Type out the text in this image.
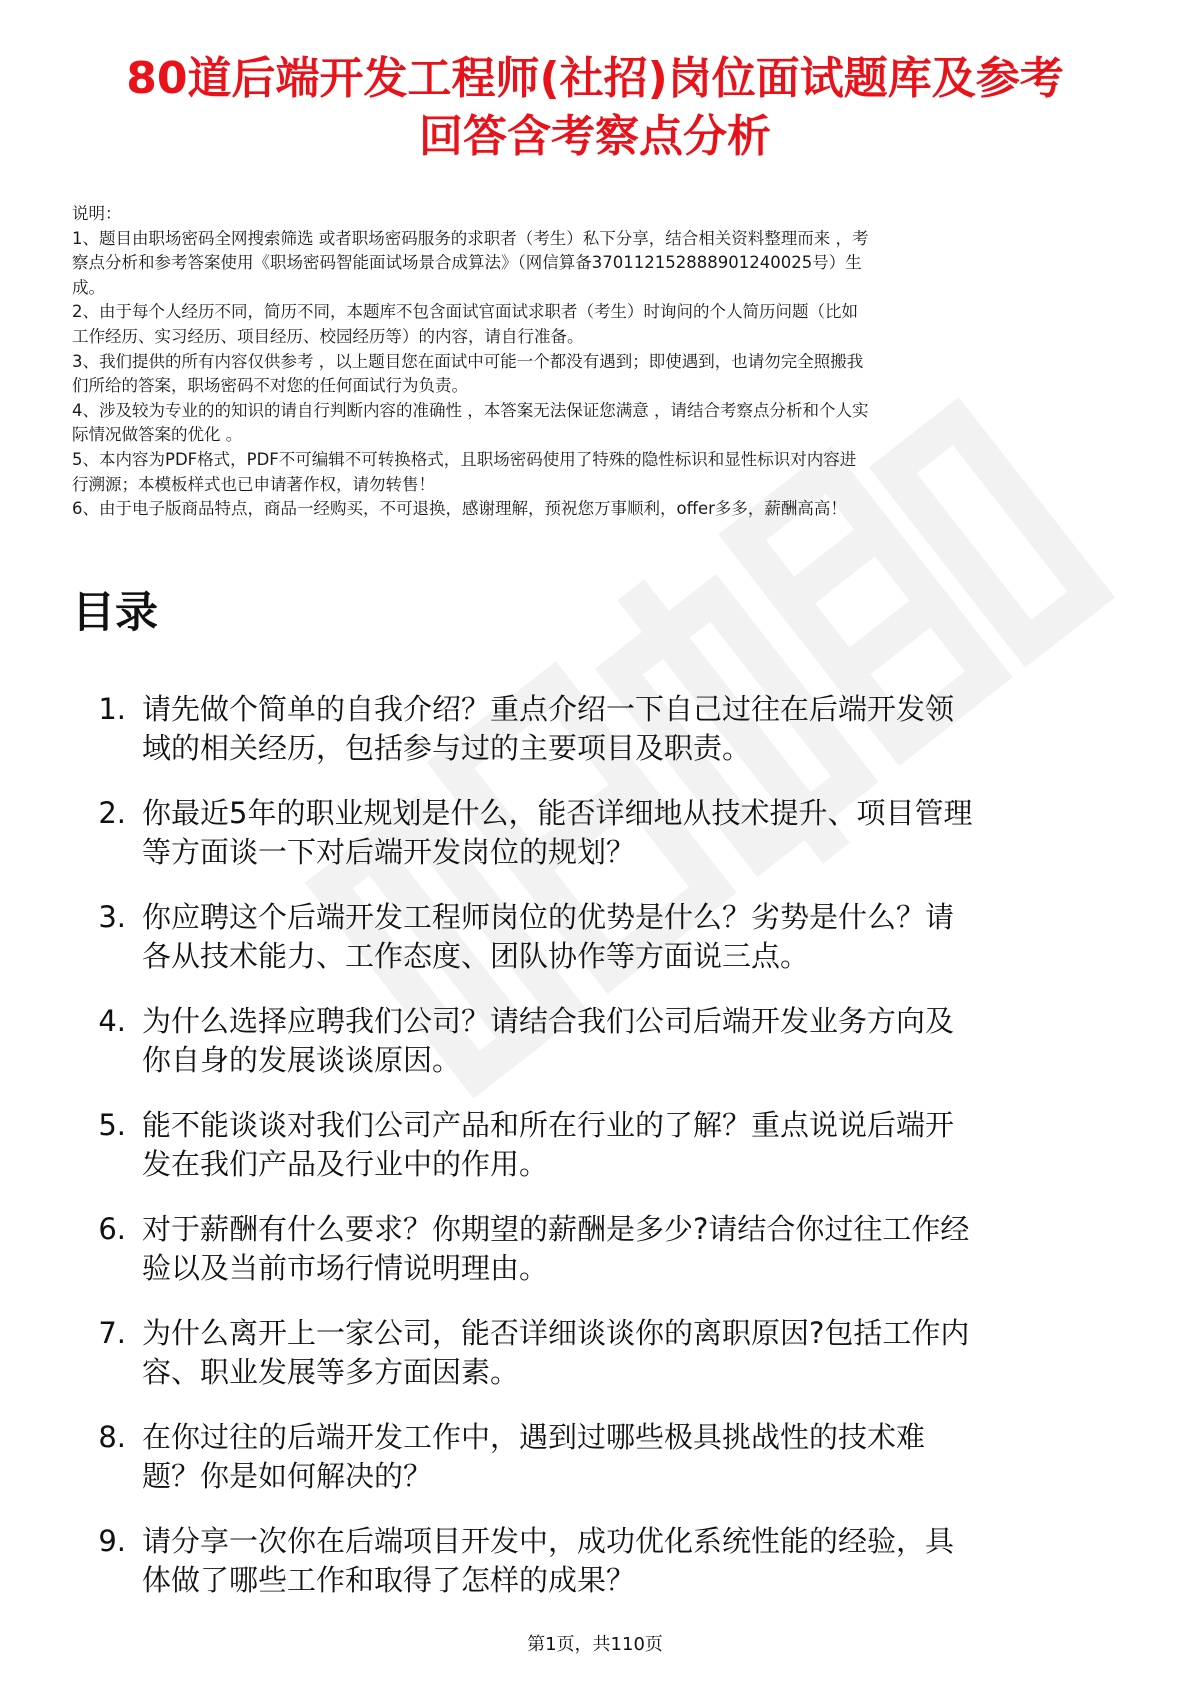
80道后端开发工程师(社招)岗位面试题库及参考
回答含考察点分析

说明：

1、题目由职场密码全网搜索筛选 或者职场密码服务的求职者（考生）私下分享，结合相关资料整理而来 ，考

察点分析和参考答案使用《职场密码智能面试场景合成算法》（网信算备370112152888901240025号）生

成。

2、由于每个人经历不同，简历不同，本题库不包含面试官面试求职者（考生）时询问的个人简历问题（比如

工作经历、实习经历、项目经历、校园经历等）的内容，请自行准备。

3、我们提供的所有内容仅供参考 ，以上题目您在面试中可能一个都没有遇到；即使遇到，也请勿完全照搬我

们所给的答案，职场密码不对您的任何面试行为负责。

4、涉及较为专业的的知识的请自行判断内容的准确性 ，本答案无法保证您满意 ，请结合考察点分析和个人实

际情况做答案的优化 。

5、本内容为PDF格式，PDF不可编辑不可转换格式，且职场密码使用了特殊的隐性标识和显性标识对内容进

行溯源；本模板样式也已申请著作权，请勿转售！

6、由于电子版商品特点，商品一经购买，不可退换，感谢理解，预祝您万事顺利，offer多多，薪酬高高！

目录
1. 请先做个简单的自我介绍？重点介绍一下自己过往在后端开发领
域的相关经历，包括参与过的主要项目及职责。
2. 你最近5年的职业规划是什么，能否详细地从技术提升、项目管理
等方面谈一下对后端开发岗位的规划？
3. 你应聘这个后端开发工程师岗位的优势是什么？劣势是什么？请
各从技术能力、工作态度、团队协作等方面说三点。
4. 为什么选择应聘我们公司？请结合我们公司后端开发业务方向及
你自身的发展谈谈原因。
5. 能不能谈谈对我们公司产品和所在行业的了解？重点说说后端开
发在我们产品及行业中的作用。
6. 对于薪酬有什么要求？你期望的薪酬是多少?请结合你过往工作经
验以及当前市场行情说明理由。
7. 为什么离开上一家公司，能否详细谈谈你的离职原因?包括工作内
容、职业发展等多方面因素。
8. 在你过往的后端开发工作中，遇到过哪些极具挑战性的技术难
题？你是如何解决的？
9. 请分享一次你在后端项目开发中，成功优化系统性能的经验，具
体做了哪些工作和取得了怎样的成果？
第1页，共110页
